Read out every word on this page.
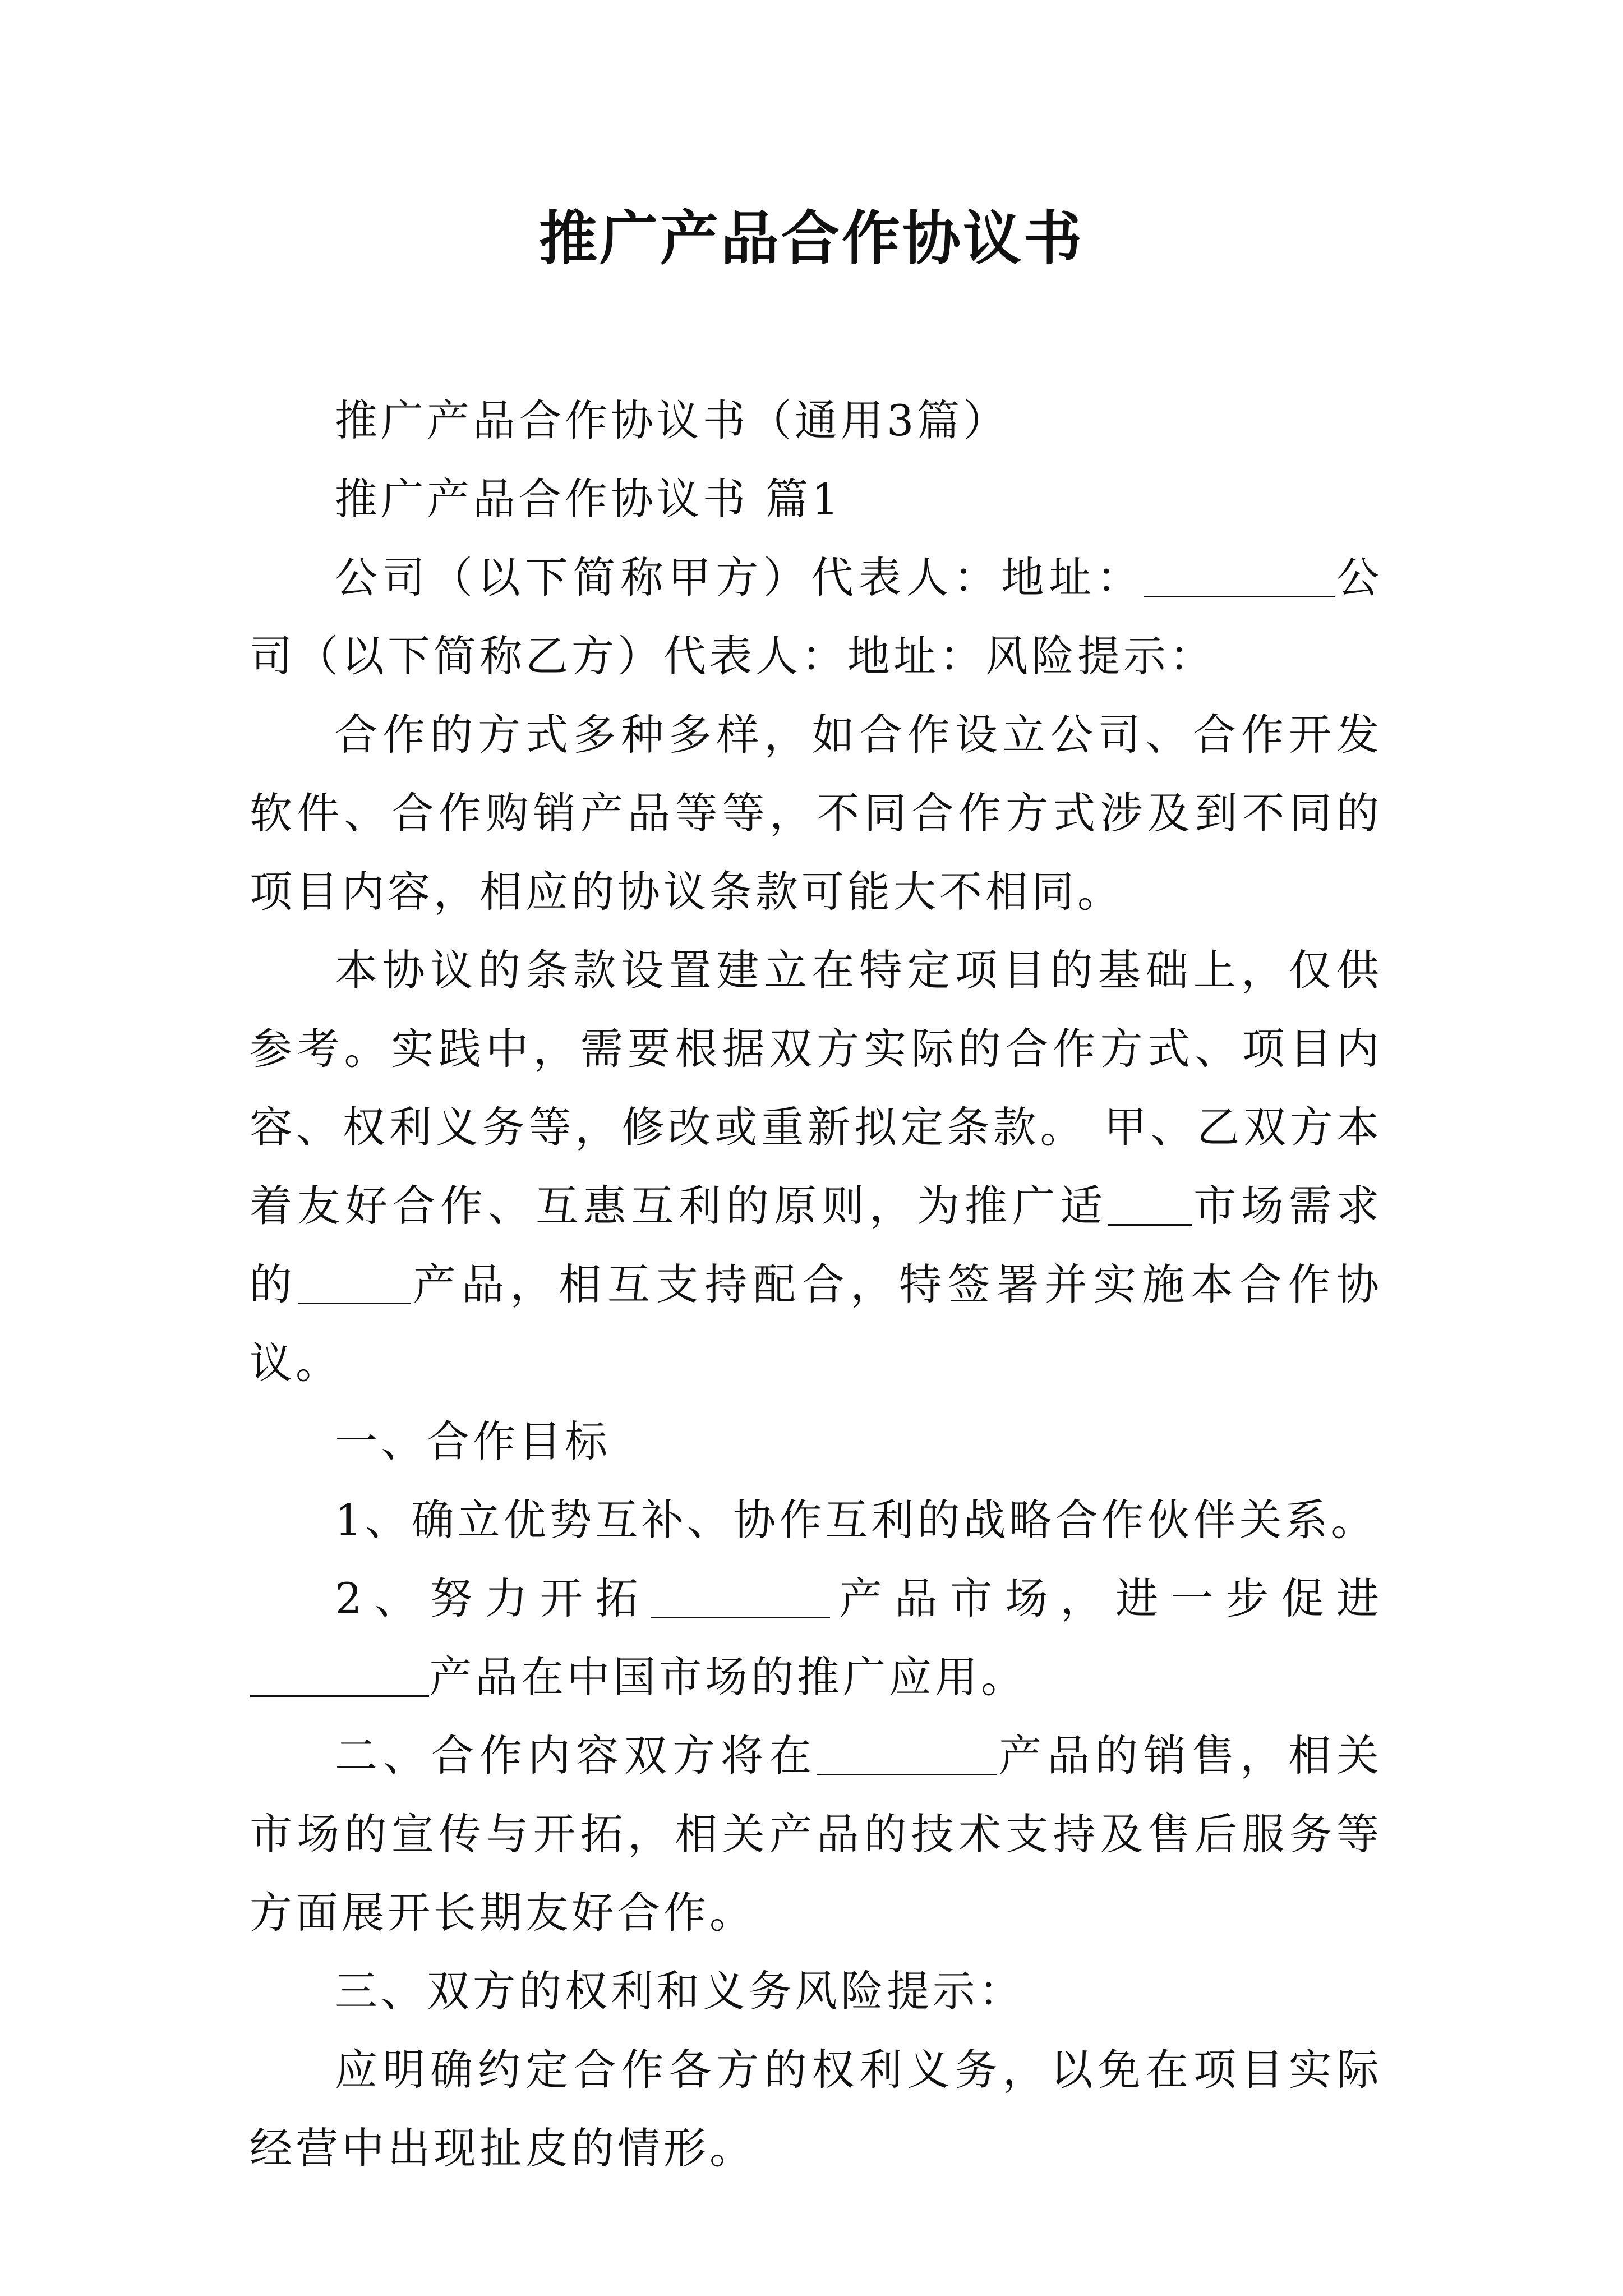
推广产品合作协议书

推广产品合作协议书（通用3篇）

推广产品合作协议书 篇1

公司（以下简称甲方）代表人：地址：	公司（以下简称乙方）代表人：地址：风险提示：

合作的方式多种多样，如合作设立公司、合作开发软件、合作购销产品等等，不同合作方式涉及到不同的项目内容，相应的协议条款可能大不相同。

本协议的条款设置建立在特定项目的基础上，仅供参考。实践中，需要根据双方实际的合作方式、项目内容、权利义务等，修改或重新拟定条款。 甲、乙双方本着友好合作、互惠互利的原则，为推广适 市场需求的	产品，相互支持配合，特签署并实施本合作协议。

一、合作目标

1、确立优势互补、协作互利的战略合作伙伴关系。

2、努力开拓	产品市场，进一步促进产品在中国市场的推广应用。

二、合作内容双方将在	产品的销售，相关市场的宣传与开拓，相关产品的技术支持及售后服务等方面展开长期友好合作。

三、双方的权利和义务风险提示：

应明确约定合作各方的权利义务，以免在项目实际经营中出现扯皮的情形。
